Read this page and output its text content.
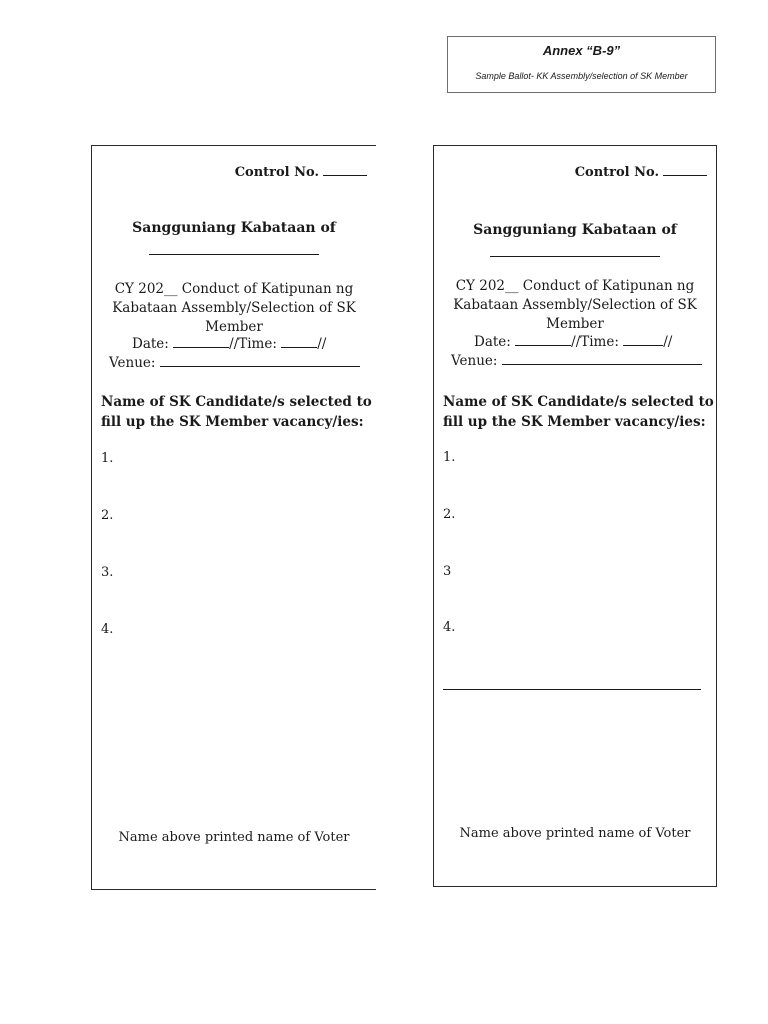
Annex “B-9”
Sample Ballot- KK Assembly/selection of SK Member
Control No.
Sangguniang Kabataan of
CY 202__ Conduct of Katipunan ng
Kabataan Assembly/Selection of SK
Member
Date:	//Time:	//
Venue:
Name of SK Candidate/s selected to
fill up the SK Member vacancy/ies:
1.
2.
3.
4.
Name above printed name of Voter
Control No.
Sangguniang Kabataan of
CY 202__ Conduct of Katipunan ng
Kabataan Assembly/Selection of SK
Member
Date:	//Time:	//
Venue:
Name of SK Candidate/s selected to
fill up the SK Member vacancy/ies:
1.
2.
3
4.
Name above printed name of Voter
